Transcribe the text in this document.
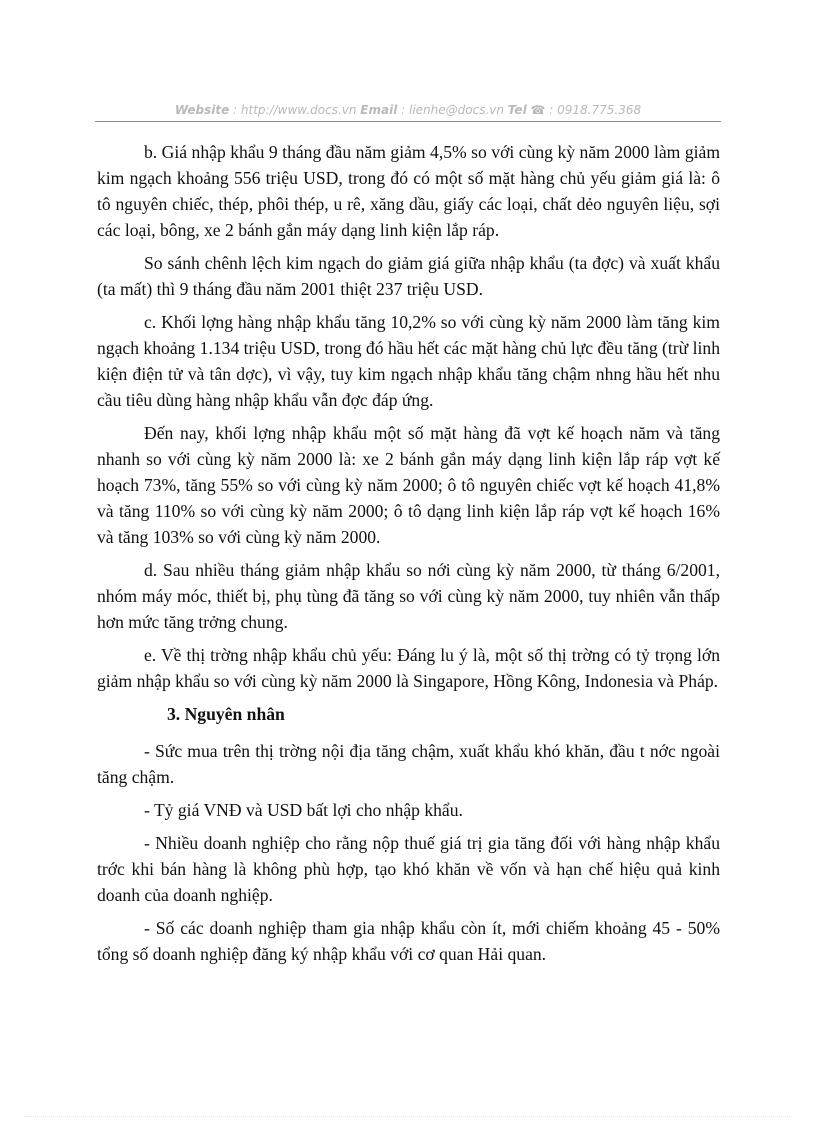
Website : http://www.docs.vn Email : lienhe@docs.vn Tel ☎ : 0918.775.368

b. Giá nhập khẩu 9 tháng đầu năm giảm 4,5% so với cùng kỳ năm 2000 làm giảm kim ngạch khoảng 556 triệu USD, trong đó có một số mặt hàng chủ yếu giảm giá là: ô tô nguyên chiếc, thép, phôi thép, u rê, xăng dầu, giấy các loại, chất dẻo nguyên liệu, sợi các loại, bông, xe 2 bánh gắn máy dạng linh kiện lắp ráp.

So sánh chênh lệch kim ngạch do giảm giá giữa nhập khẩu (ta đợc) và xuất khẩu (ta mất) thì 9 tháng đầu năm 2001 thiệt 237 triệu USD.

c. Khối lợng hàng nhập khẩu tăng 10,2% so với cùng kỳ năm 2000 làm tăng kim ngạch khoảng 1.134 triệu USD, trong đó hầu hết các mặt hàng chủ lực đều tăng (trừ linh kiện điện tử và tân dợc), vì vậy, tuy kim ngạch nhập khẩu tăng chậm nhng hầu hết nhu cầu tiêu dùng hàng nhập khẩu vẫn đợc đáp ứng.

Đến nay, khối lợng nhập khẩu một số mặt hàng đã vợt kế hoạch năm và tăng nhanh so với cùng kỳ năm 2000 là: xe 2 bánh gắn máy dạng linh kiện lắp ráp vợt kế hoạch 73%, tăng 55% so với cùng kỳ năm 2000; ô tô nguyên chiếc vợt kế hoạch 41,8% và tăng 110% so với cùng kỳ năm 2000; ô tô dạng linh kiện lắp ráp vợt kế hoạch 16% và tăng 103% so với cùng kỳ năm 2000.

d. Sau nhiều tháng giảm nhập khẩu so nới cùng kỳ năm 2000, từ tháng 6/2001, nhóm máy móc, thiết bị, phụ tùng đã tăng so với cùng kỳ năm 2000, tuy nhiên vẫn thấp hơn mức tăng trởng chung.

e. Về thị trờng nhập khẩu chủ yếu: Đáng lu ý là, một số thị trờng có tỷ trọng lớn giảm nhập khẩu so với cùng kỳ năm 2000 là Singapore, Hồng Kông, Indonesia và Pháp.

3. Nguyên nhân

- Sức mua trên thị trờng nội địa tăng chậm, xuất khẩu khó khăn, đầu t nớc ngoài tăng chậm.

- Tỷ giá VNĐ và USD bất lợi cho nhập khẩu.

- Nhiều doanh nghiệp cho rằng nộp thuế giá trị gia tăng đối với hàng nhập khẩu trớc khi bán hàng là không phù hợp, tạo khó khăn về vốn và hạn chế hiệu quả kinh doanh của doanh nghiệp.

- Số các doanh nghiệp tham gia nhập khẩu còn ít, mới chiếm khoảng 45 - 50% tổng số doanh nghiệp đăng ký nhập khẩu với cơ quan Hải quan.
